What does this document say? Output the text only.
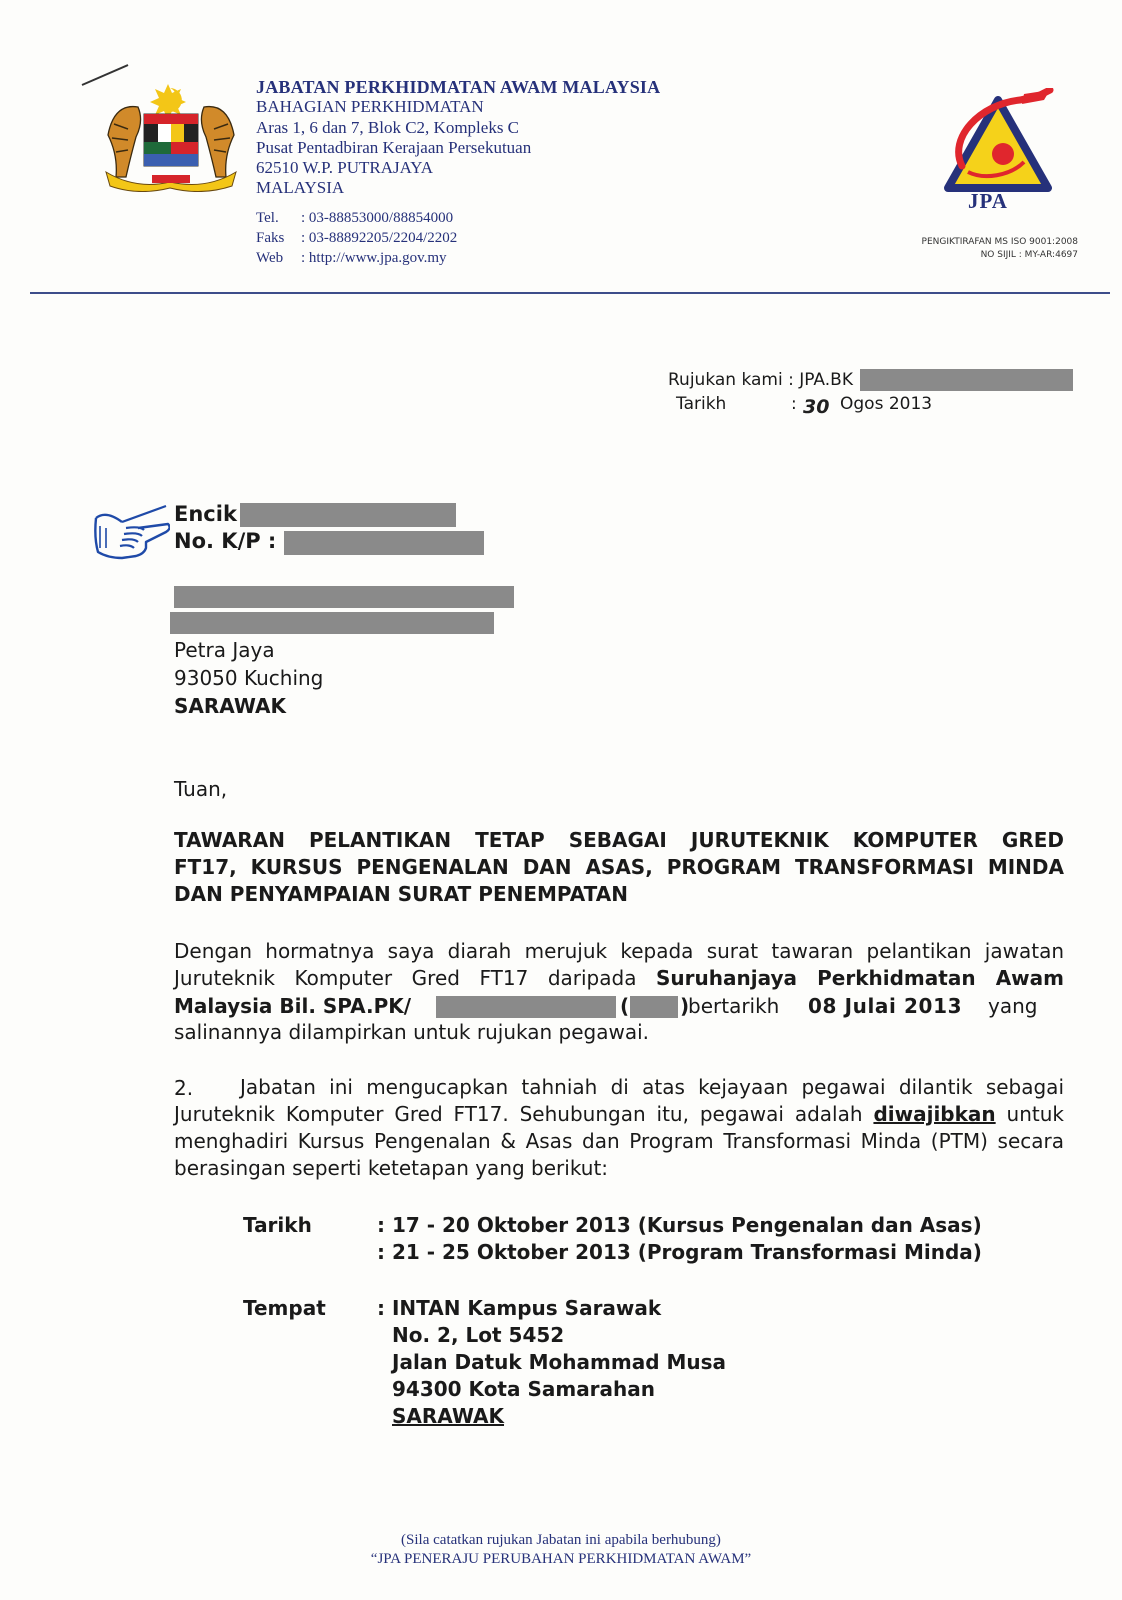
JABATAN PERKHIDMATAN AWAM MALAYSIA
BAHAGIAN PERKHIDMATAN
Aras 1, 6 dan 7, Blok C2, Kompleks C
Pusat Pentadbiran Kerajaan Persekutuan
62510 W.P. PUTRAJAYA
MALAYSIA
Tel. : 03-88853000/88854000
Faks : 03-88892205/2204/2202
Web : http://www.jpa.gov.my
JPA
PENGIKTIRAFAN MS ISO 9001:2008
NO SIJIL : MY-AR:4697
Rujukan kami : JPA.BK
Tarikh	: 30 Ogos 2013
Encik
No. K/P :
Petra Jaya
93050 Kuching
SARAWAK
Tuan,
TAWARAN PELANTIKAN TETAP SEBAGAI JURUTEKNIK KOMPUTER GRED
FT17, KURSUS PENGENALAN DAN ASAS, PROGRAM TRANSFORMASI MINDA
DAN PENYAMPAIAN SURAT PENEMPATAN
Dengan hormatnya saya diarah merujuk kepada surat tawaran pelantikan jawatan
Juruteknik Komputer Gred FT17 daripada Suruhanjaya Perkhidmatan Awam
Malaysia Bil. SPA.PK/	(	)
bertarikh 08 Julai 2013 yang
salinannya dilampirkan untuk rujukan pegawai.
2. Jabatan ini mengucapkan tahniah di atas kejayaan pegawai dilantik sebagai
Juruteknik Komputer Gred FT17. Sehubungan itu, pegawai adalah diwajibkan untuk
menghadiri Kursus Pengenalan & Asas dan Program Transformasi Minda (PTM) secara
berasingan seperti ketetapan yang berikut:
Tarikh	: 17 - 20 Oktober 2013 (Kursus Pengenalan dan Asas)
: 21 - 25 Oktober 2013 (Program Transformasi Minda)
Tempat	: INTAN Kampus Sarawak
No. 2, Lot 5452
Jalan Datuk Mohammad Musa
94300 Kota Samarahan
SARAWAK
(Sila catatkan rujukan Jabatan ini apabila berhubung)
“JPA PENERAJU PERUBAHAN PERKHIDMATAN AWAM”
